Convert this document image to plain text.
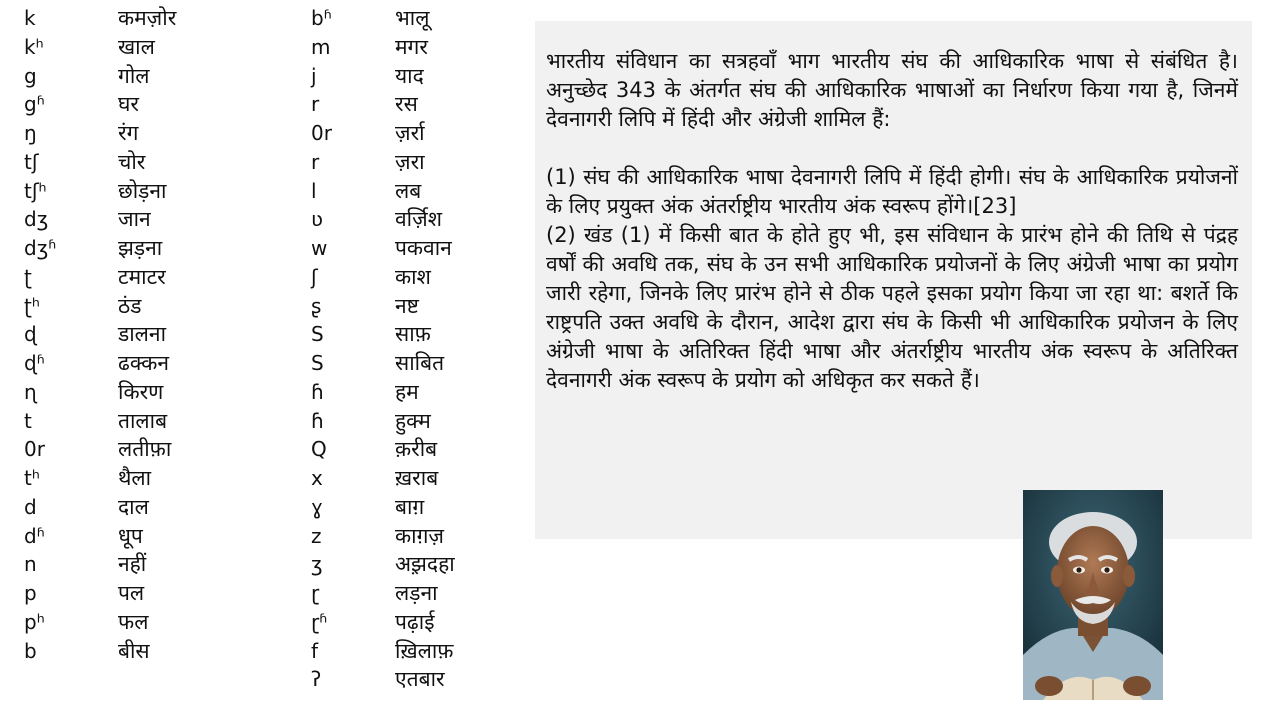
k
kʰ
g
gʱ
ŋ
tʃ
tʃʰ
dʒ
dʒʱ
ʈ
ʈʰ
ɖ
ɖʱ
ɳ
t
0r
tʰ
d
dʱ
n
p
pʰ
b
कमज़ोर
खाल
गोल
घर
रंग
चोर
छोड़ना
जान
झड़ना
टमाटर
ठंड
डालना
ढक्कन
किरण
तालाब
लतीफ़ा
थैला
दाल
धूप
नहीं
पल
फल
बीस
bʱ
m
j
r
0r
r
l
ʋ
w
ʃ
ʂ
S
S
ɦ
ɦ
Q
x
ɣ
z
ʒ
ɽ
ɽʱ
f
ʔ
भालू
मगर
याद
रस
ज़र्रा
ज़रा
लब
वर्ज़िश
पकवान
काश
नष्ट
साफ़
साबित
हम
हुक्म
क़रीब
ख़राब
बाग़
काग़ज़
अझ़दहा
लड़ना
पढ़ाई
ख़िलाफ़
एतबार

भारतीय संविधान का सत्रहवाँ भाग भारतीय संघ की आधिकारिक भाषा से संबंधित है। अनुच्छेद 343 के अंतर्गत संघ की आधिकारिक भाषाओं का निर्धारण किया गया है, जिनमें देवनागरी लिपि में हिंदी और अंग्रेजी शामिल हैं:

(1) संघ की आधिकारिक भाषा देवनागरी लिपि में हिंदी होगी। संघ के आधिकारिक प्रयोजनों के लिए प्रयुक्त अंक अंतर्राष्ट्रीय भारतीय अंक स्वरूप होंगे।[23]

(2) खंड (1) में किसी बात के होते हुए भी, इस संविधान के प्रारंभ होने की तिथि से पंद्रह वर्षों की अवधि तक, संघ के उन सभी आधिकारिक प्रयोजनों के लिए अंग्रेजी भाषा का प्रयोग जारी रहेगा, जिनके लिए प्रारंभ होने से ठीक पहले इसका प्रयोग किया जा रहा था: बशर्ते कि राष्ट्रपति उक्त अवधि के दौरान, आदेश द्वारा संघ के किसी भी आधिकारिक प्रयोजन के लिए अंग्रेजी भाषा के अतिरिक्त हिंदी भाषा और अंतर्राष्ट्रीय भारतीय अंक स्वरूप के अतिरिक्त देवनागरी अंक स्वरूप के प्रयोग को अधिकृत कर सकते हैं।
